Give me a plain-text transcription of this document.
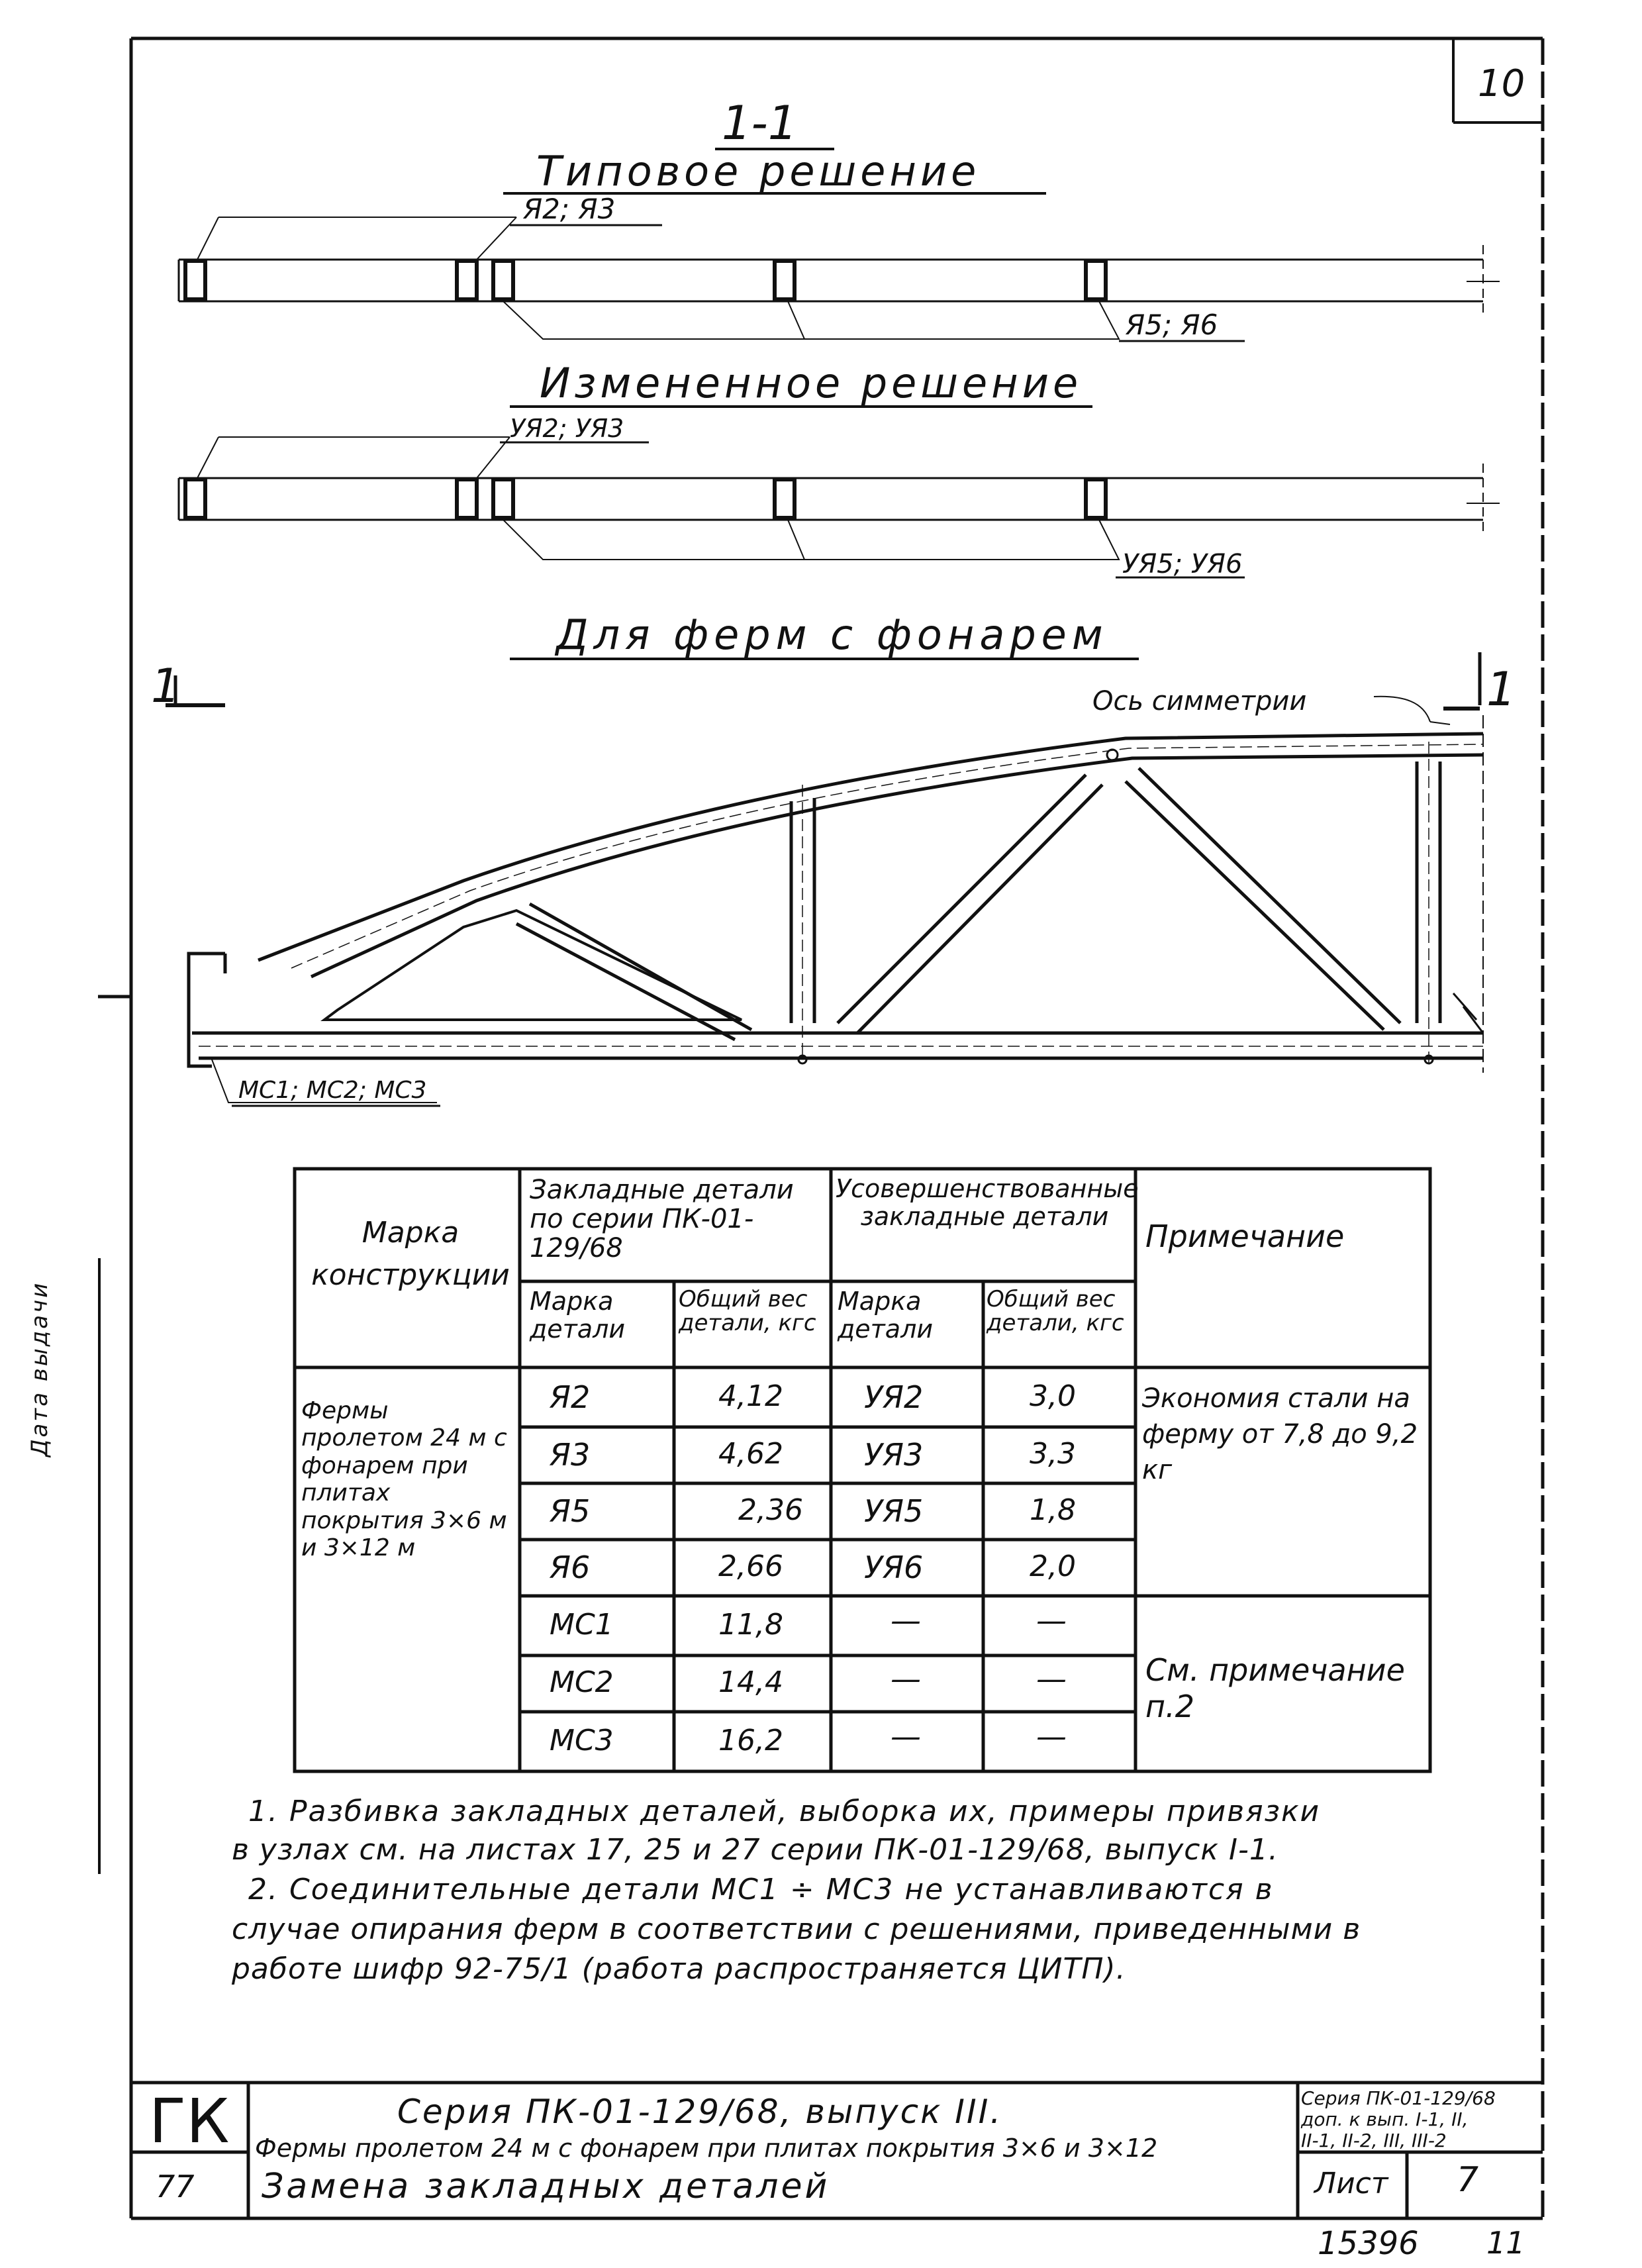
10
1-1
Типовое решение
Я2; Я3
Я5; Я6
Измененное решение
УЯ2; УЯ3
УЯ5; УЯ6
Для ферм с фонарем
1	1
Ось симметрии
МС1; МС2; МС3
Марка конструкции
Закладные детали по серии ПК-01-129/68
Усовершенствованные закладные детали
Примечание
Марка детали
Общий вес детали, кгс
Марка детали
Общий вес детали, кгс
Фермы пролетом 24 м с фонарем при плитах покрытия 3×6 м и 3×12 м
Я2	4,12	УЯ2	3,0
Я3	4,62	УЯ3	3,3
Я5	2,36 УЯ5	1,8
Я6	2,66	УЯ6	2,0
МС1	11,8	—	—
МС2	14,4	—	—
МС3	16,2	—	—
Экономия стали на ферму от 7,8 до 9,2 кг
См. примечание п.2
1. Разбивка закладных деталей, выборка их, примеры привязки
в узлах см. на листах 17, 25 и 27 серии ПК-01-129/68, выпуск I-1.
2. Соединительные детали МС1 ÷ МС3 не устанавливаются в
случае опирания ферм в соответствии с решениями, приведенными в
работе шифр 92-75/1 (работа распространяется ЦИТП).
ГК
77
Серия ПК-01-129/68, выпуск III.
Фермы пролетом 24 м с фонарем при плитах покрытия 3×6 и 3×12
Замена закладных деталей
Серия ПК-01-129/68
доп. к вып. I-1, II,
II-1, II-2, III, III-2
Лист 7
15396 11
Дата выдачи
